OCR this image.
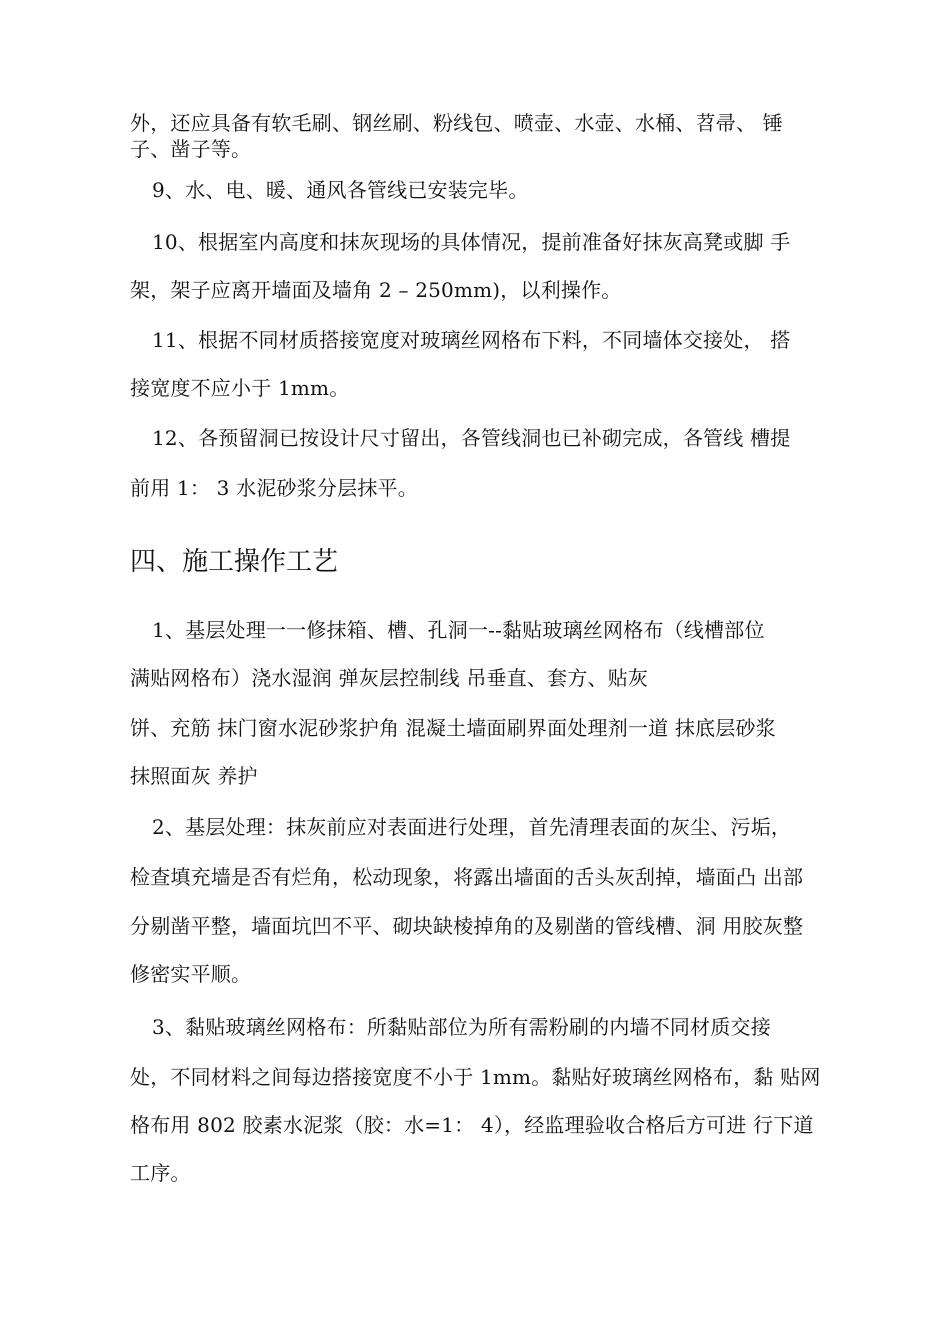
外，还应具备有软毛刷、钢丝刷、粉线包、喷壶、水壶、水桶、苕帚、 锤
子、凿子等。
9、水、电、暖、通风各管线已安装完毕。
10、根据室内高度和抹灰现场的具体情况，提前准备好抹灰高凳或脚 手
架，架子应离开墙面及墙角 2 – 250mm)，以利操作。
11、根据不同材质搭接宽度对玻璃丝网格布下料，不同墙体交接处， 搭
接宽度不应小于 1mm。
12、各预留洞已按设计尺寸留出，各管线洞也已补砌完成，各管线 槽提
前用 1： 3 水泥砂浆分层抹平。
四、施工操作工艺
1、基层处理一一修抹箱、槽、孔洞一--黏贴玻璃丝网格布（线槽部位
满贴网格布）浇水湿润 弹灰层控制线 吊垂直、套方、贴灰
饼、充筋 抹门窗水泥砂浆护角 混凝土墙面刷界面处理剂一道 抹底层砂浆
抹照面灰 养护
2、基层处理：抹灰前应对表面进行处理，首先清理表面的灰尘、污垢，
检查填充墙是否有烂角，松动现象，将露出墙面的舌头灰刮掉，墙面凸 出部
分剔凿平整，墙面坑凹不平、砌块缺棱掉角的及剔凿的管线槽、洞 用胶灰整
修密实平顺。
3、黏贴玻璃丝网格布：所黏贴部位为所有需粉刷的内墙不同材质交接
处，不同材料之间每边搭接宽度不小于 1mm。黏贴好玻璃丝网格布，黏 贴网
格布用 802 胶素水泥浆（胶：水=1： 4），经监理验收合格后方可进 行下道
工序。
